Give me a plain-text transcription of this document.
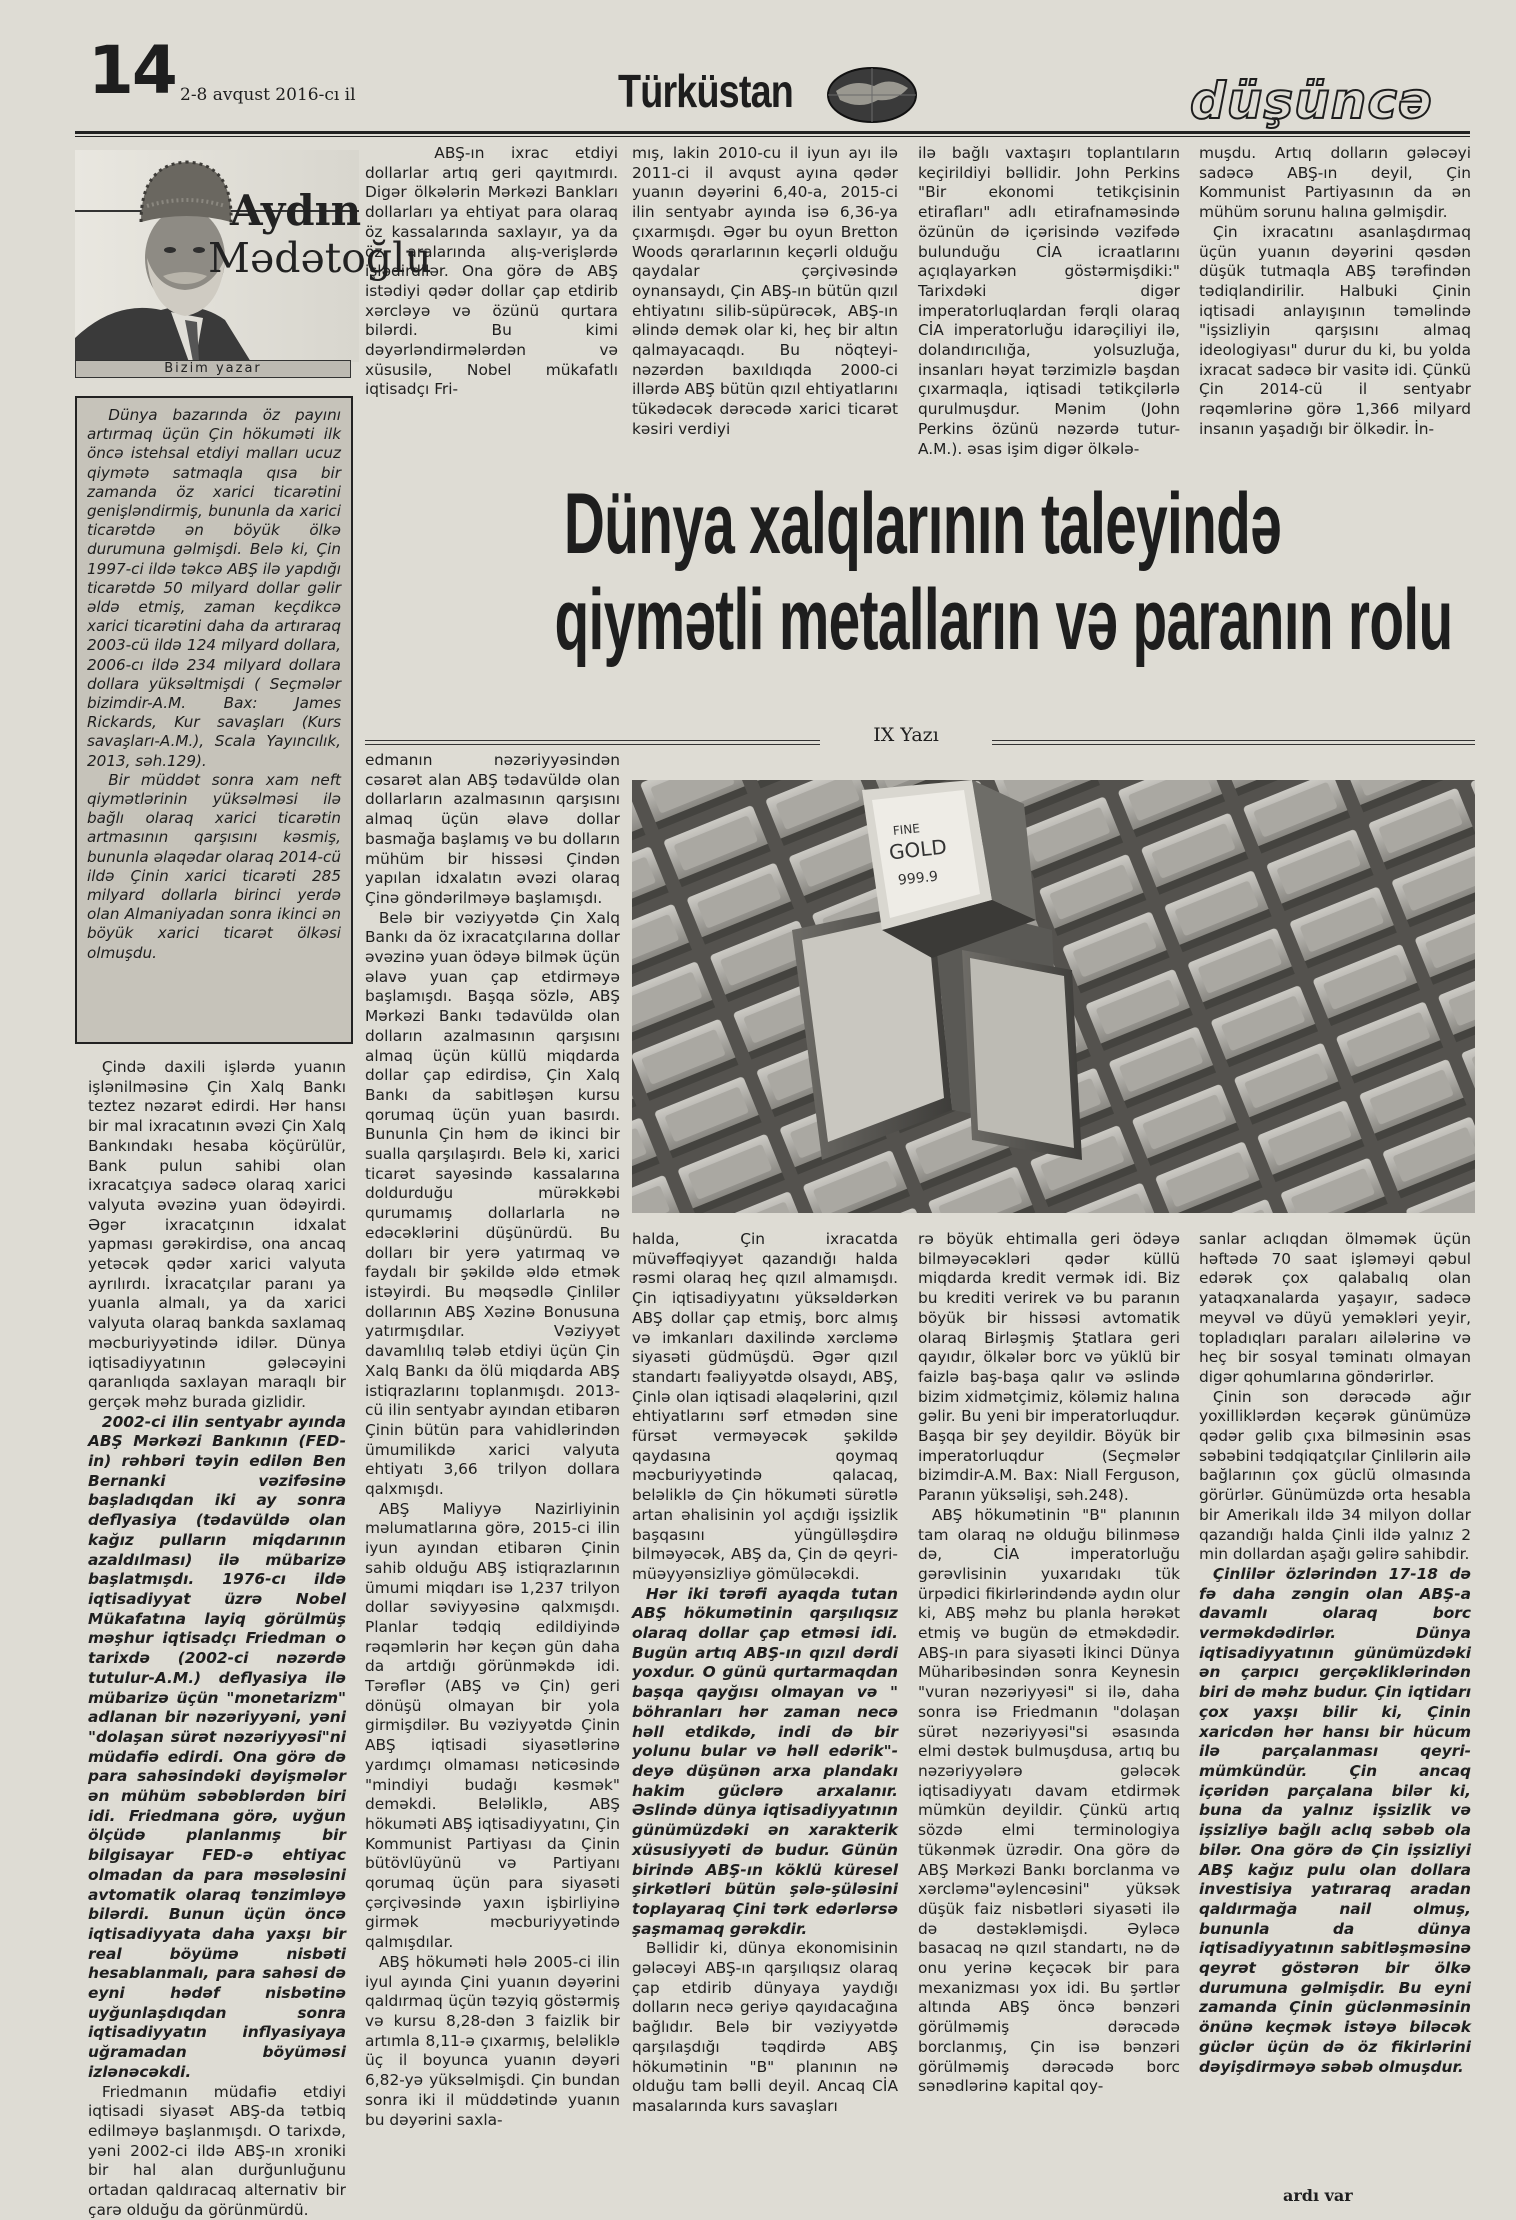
14 2-8 avqust 2016-cı il	Türküstan	düşüncə
Aydın
Mədətoğlu
Bizim yazar

Dünya bazarında öz payını artırmaq üçün Çin hökuməti ilk öncə istehsal etdiyi malları ucuz qiymətə satmaqla qısa bir zamanda öz xarici ticarətini genişləndirmiş, bununla da xarici ticarətdə ən böyük ölkə durumuna gəlmişdi. Belə ki, Çin 1997-ci ildə təkcə ABŞ ilə yapdığı ticarətdə 50 milyard dollar gəlir əldə etmiş, zaman keçdikcə xarici ticarətini daha da artıraraq 2003-cü ildə 124 milyard dollara, 2006-cı ildə 234 milyard dollara dollara yüksəltmişdi ( Seçmələr bizimdir-A.M. Bax: James Rickards, Kur savaşları (Kurs savaşları-A.M.), Scala Yayıncılık, 2013, səh.129).

Bir müddət sonra xam neft qiymətlərinin yüksəlməsi ilə bağlı olaraq xarici ticarətin artmasının qarşısını kəsmiş, bununla əlaqədar olaraq 2014-cü ildə Çinin xarici ticarəti 285 milyard dollarla birinci yerdə olan Almaniyadan sonra ikinci ən böyük xarici ticarət ölkəsi olmuşdu.

ABŞ-ın ixrac etdiyi dollarlar artıq geri qayıtmırdı. Digər ölkələrin Mərkəzi Bankları dollarları ya ehtiyat para olaraq öz kassalarında saxlayır, ya da öz aralarında alış-verişlərdə işlədirdilər. Ona görə də ABŞ istədiyi qədər dollar çap etdirib xərcləyə və özünü qurtara bilərdi. Bu kimi dəyərləndirmələrdən və xüsusilə, Nobel mükafatlı iqtisadçı Fri-

mış, lakin 2010-cu il iyun ayı ilə 2011-ci il avqust ayına qədər yuanın dəyərini 6,40-a, 2015-ci ilin sentyabr ayında isə 6,36-ya çıxarmışdı. Əgər bu oyun Bretton Woods qərarlarının keçərli olduğu qaydalar çərçivəsində oynansaydı, Çin ABŞ-ın bütün qızıl ehtiyatını silib-süpürəcək, ABŞ-ın əlində demək olar ki, heç bir altın qalmayacaqdı. Bu nöqteyi-nəzərdən baxıldıqda 2000-ci illərdə ABŞ bütün qızıl ehtiyatlarını tükədəcək dərəcədə xarici ticarət kəsiri verdiyi

ilə bağlı vaxtaşırı toplantıların keçirildiyi bəllidir. John Perkins "Bir ekonomi tetikçisinin etirafları" adlı etirafnaməsində özünün də içərisində vəzifədə bulunduğu CİA icraatlarını açıqlayarkən göstərmişdiki:" Tarixdəki digər imperatorluqlardan fərqli olaraq CİA imperatorluğu idarəçiliyi ilə, dolandırıcılığa, yolsuzluğa, insanları həyat tərzimizlə başdan çıxarmaqla, iqtisadi tətikçilərlə qurulmuşdur. Mənim (John Perkins özünü nəzərdə tutur-A.M.). əsas işim digər ölkələ-

muşdu. Artıq dolların gələcəyi sadəcə ABŞ-ın deyil, Çin Kommunist Partiyasının da ən mühüm sorunu halına gəlmişdir.

Çin ixracatını asanlaşdırmaq üçün yuanın dəyərini qəsdən düşük tutmaqla ABŞ tərəfindən tədiqlandirilir. Halbuki Çinin iqtisadi anlayışının təməlində "işsizliyin qarşısını almaq ideologiyası" durur du ki, bu yolda ixracat sadəcə bir vasitə idi. Çünkü Çin 2014-cü il sentyabr rəqəmlərinə görə 1,366 milyard insanın yaşadığı bir ölkədir. İn-

Dünya xalqlarının taleyində
qiymətli metalların və paranın rolu
IX Yazı
FINE
GOLD
999.9

Çində daxili işlərdə yuanın işlənilməsinə Çin Xalq Bankı teztez nəzarət edirdi. Hər hansı bir mal ixracatının əvəzi Çin Xalq Bankındakı hesaba köçürülür, Bank pulun sahibi olan ixracatçıya sadəcə olaraq xarici valyuta əvəzinə yuan ödəyirdi. Əgər ixracatçının idxalat yapması gərəkirdisə, ona ancaq yetəcək qədər xarici valyuta ayrılırdı. İxracatçılar paranı ya yuanla almalı, ya da xarici valyuta olaraq bankda saxlamaq məcburiyyətində idilər. Dünya iqtisadiyyatının gələcəyini qaranlıqda saxlayan maraqlı bir gerçək məhz burada gizlidir.

2002-ci ilin sentyabr ayında ABŞ Mərkəzi Bankının (FED-in) rəhbəri təyin edilən Ben Bernanki vəzifəsinə başladıqdan iki ay sonra deflyasiya (tədavüldə olan kağız pulların miqdarının azaldılması) ilə mübarizə başlatmışdı. 1976-cı ildə iqtisadiyyat üzrə Nobel Mükafatına layiq görülmüş məşhur iqtisadçı Friedman o tarixdə (2002-ci nəzərdə tutulur-A.M.) deflyasiya ilə mübarizə üçün "monetarizm" adlanan bir nəzəriyyəni, yəni "dolaşan sürət nəzəriyyəsi"ni müdafiə edirdi. Ona görə də para sahəsindəki dəyişmələr ən mühüm səbəblərdən biri idi. Friedmana görə, uyğun ölçüdə planlanmış bir bilgisayar FED-ə ehtiyac olmadan da para məsələsini avtomatik olaraq tənzimləyə bilərdi. Bunun üçün öncə iqtisadiyyata daha yaxşı bir real böyümə nisbəti hesablanmalı, para sahəsi də eyni hədəf nisbətinə uyğunlaşdıqdan sonra iqtisadiyyatın inflyasiyaya uğramadan böyüməsi izlənəcəkdi.

Friedmanın müdafiə etdiyi iqtisadi siyasət ABŞ-da tətbiq edilməyə başlanmışdı. O tarixdə, yəni 2002-ci ildə ABŞ-ın xroniki bir hal alan durğunluğunu ortadan qaldıracaq alternativ bir çarə olduğu da görünmürdü.

edmanın nəzəriyyəsindən cəsarət alan ABŞ tədavüldə olan dollarların azalmasının qarşısını almaq üçün əlavə dollar basmağa başlamış və bu dolların mühüm bir hissəsi Çindən yapılan idxalatın əvəzi olaraq Çinə göndərilməyə başlamışdı.

Belə bir vəziyyətdə Çin Xalq Bankı da öz ixracatçılarına dollar əvəzinə yuan ödəyə bilmək üçün əlavə yuan çap etdirməyə başlamışdı. Başqa sözlə, ABŞ Mərkəzi Bankı tədavüldə olan dolların azalmasının qarşısını almaq üçün küllü miqdarda dollar çap edirdisə, Çin Xalq Bankı da sabitləşən kursu qorumaq üçün yuan basırdı. Bununla Çin həm də ikinci bir sualla qarşılaşırdı. Belə ki, xarici ticarət sayəsində kassalarına doldurduğu mürəkkəbi qurumamış dollarlarla nə edəcəklərini düşünürdü. Bu dolları bir yerə yatırmaq və faydalı bir şəkildə əldə etmək istəyirdi. Bu məqsədlə Çinlilər dollarının ABŞ Xəzinə Bonusuna yatırmışdılar. Vəziyyət davamlılıq tələb etdiyi üçün Çin Xalq Bankı da ölü miqdarda ABŞ istiqrazlarını toplanmışdı. 2013-cü ilin sentyabr ayından etibarən Çinin bütün para vahidlərindən ümumilikdə xarici valyuta ehtiyatı 3,66 trilyon dollara qalxmışdı.

ABŞ Maliyyə Nazirliyinin məlumatlarına görə, 2015-ci ilin iyun ayından etibarən Çinin sahib olduğu ABŞ istiqrazlarının ümumi miqdarı isə 1,237 trilyon dollar səviyyəsinə qalxmışdı. Planlar tədqiq edildiyində rəqəmlərin hər keçən gün daha da artdığı görünməkdə idi. Tərəflər (ABŞ və Çin) geri dönüşü olmayan bir yola girmişdilər. Bu vəziyyətdə Çinin ABŞ iqtisadi siyasətlərinə yardımçı olmaması nəticəsində "mindiyi budağı kəsmək" deməkdi. Beləliklə, ABŞ hökuməti ABŞ iqtisadiyyatını, Çin Kommunist Partiyası da Çinin bütövlüyünü və Partiyanı qorumaq üçün para siyasəti çərçivəsində yaxın işbirliyinə girmək məcburiyyətində qalmışdılar.

ABŞ hökuməti hələ 2005-ci ilin iyul ayında Çini yuanın dəyərini qaldırmaq üçün təzyiq göstərmiş və kursu 8,28-dən 3 faizlik bir artımla 8,11-ə çıxarmış, beləliklə üç il boyunca yuanın dəyəri 6,82-yə yüksəlmişdi. Çin bundan sonra iki il müddətində yuanın bu dəyərini saxla-

halda, Çin ixracatda müvəffəqiyyət qazandığı halda rəsmi olaraq heç qızıl almamışdı. Çin iqtisadiyyatını yüksəldərkən ABŞ dollar çap etmiş, borc almış və imkanları daxilində xərcləmə siyasəti güdmüşdü. Əgər qızıl standartı fəaliyyətdə olsaydı, ABŞ, Çinlə olan iqtisadi əlaqələrini, qızıl ehtiyatlarını sərf etmədən sine fürsət verməyəcək şəkildə qaydasına qoymaq məcburiyyətində qalacaq, beləliklə də Çin hökuməti sürətlə artan əhalisinin yol açdığı işsizlik başqasını yüngülləşdirə bilməyəcək, ABŞ da, Çin də qeyri-müəyyənsizliyə gömüləcəkdi.

Hər iki tərəfi ayaqda tutan ABŞ hökumətinin qarşılıqsız olaraq dollar çap etməsi idi. Bugün artıq ABŞ-ın qızıl dərdi yoxdur. O günü qurtarmaqdan başqa qayğısı olmayan və " böhranları hər zaman necə həll etdikdə, indi də bir yolunu bular və həll edərik"- deyə düşünən arxa plandakı hakim güclərə arxalanır. Əslində dünya iqtisadiyyatının günümüzdəki ən xarakterik xüsusiyyəti də budur. Günün birində ABŞ-ın köklü küresel şirkətləri bütün şələ-şüləsini toplayaraq Çini tərk edərlərsə şaşmamaq gərəkdir.

Bəllidir ki, dünya ekonomisinin gələcəyi ABŞ-ın qarşılıqsız olaraq çap etdirib dünyaya yaydığı dolların necə geriyə qayıdacağına bağlıdır. Belə bir vəziyyətdə qarşılaşdığı təqdirdə ABŞ hökumətinin "B" planının nə olduğu tam bəlli deyil. Ancaq CİA masalarında kurs savaşları

rə böyük ehtimalla geri ödəyə bilməyəcəkləri qədər küllü miqdarda kredit vermək idi. Biz bu krediti verirek və bu paranın böyük bir hissəsi avtomatik olaraq Birləşmiş Ştatlara geri qayıdır, ölkələr borc və yüklü bir faizlə baş-başa qalır və əslində bizim xidmətçimiz, köləmiz halına gəlir. Bu yeni bir imperatorluqdur. Başqa bir şey deyildir. Böyük bir imperatorluqdur (Seçmələr bizimdir-A.M. Bax: Niall Ferguson, Paranın yüksəlişi, səh.248).

ABŞ hökumətinin "B" planının tam olaraq nə olduğu bilinməsə də, CİA imperatorluğu gərəvlisinin yuxarıdakı tük ürpədici fikirlərindəndə aydın olur ki, ABŞ məhz bu planla hərəkət etmiş və bugün də etməkdədir. ABŞ-ın para siyasəti İkinci Dünya Müharibəsindən sonra Keynesin "vuran nəzəriyyəsi" si ilə, daha sonra isə Friedmanın "dolaşan sürət nəzəriyyəsi"si əsasında elmi dəstək bulmuşdusa, artıq bu nəzəriyyələrə gələcək iqtisadiyyatı davam etdirmək mümkün deyildir. Çünkü artıq sözdə elmi terminologiya tükənmək üzrədir. Ona görə də ABŞ Mərkəzi Bankı borclanma və xərcləmə"əylencəsini" yüksək düşük faiz nisbətləri siyasəti ilə də dəstəkləmişdi. Əyləcə basacaq nə qızıl standartı, nə də onu yerinə keçəcək bir para mexanizması yox idi. Bu şərtlər altında ABŞ öncə bənzəri görülməmiş dərəcədə borclanmış, Çin isə bənzəri görülməmiş dərəcədə borc sənədlərinə kapital qoy-

sanlar aclıqdan ölməmək üçün həftədə 70 saat işləməyi qəbul edərək çox qalabalıq olan yataqxanalarda yaşayır, sadəcə meyvəl və düyü yeməkləri yeyir, topladıqları paraları ailələrinə və heç bir sosyal təminatı olmayan digər qohumlarına göndərirlər.

Çinin son dərəcədə ağır yoxilliklərdən keçərək günümüzə qədər gəlib çıxa bilməsinin əsas səbəbini tədqiqatçılar Çinlilərin ailə bağlarının çox güclü olmasında görürlər. Günümüzdə orta hesabla bir Amerikalı ildə 34 milyon dollar qazandığı halda Çinli ildə yalnız 2 min dollardan aşağı gəlirə sahibdir.

Çinlilər özlərindən 17-18 də fə daha zəngin olan ABŞ-a davamlı olaraq borc verməkdədirlər. Dünya iqtisadiyyatının günümüzdəki ən çarpıcı gerçəkliklərindən biri də məhz budur. Çin iqtidarı çox yaxşı bilir ki, Çinin xaricdən hər hansı bir hücum ilə parçalanması qeyri-mümkündür. Çin ancaq içəridən parçalana bilər ki, buna da yalnız işsizlik və işsizliyə bağlı aclıq səbəb ola bilər. Ona görə də Çin işsizliyi ABŞ kağız pulu olan dollara investisiya yatıraraq aradan qaldırmağa nail olmuş, bununla da dünya iqtisadiyyatının sabitləşməsinə qeyrət göstərən bir ölkə durumuna gəlmişdir. Bu eyni zamanda Çinin güclənməsinin önünə keçmək istəyə biləcək güclər üçün də öz fikirlərini dəyişdirməyə səbəb olmuşdur.

ardı var
